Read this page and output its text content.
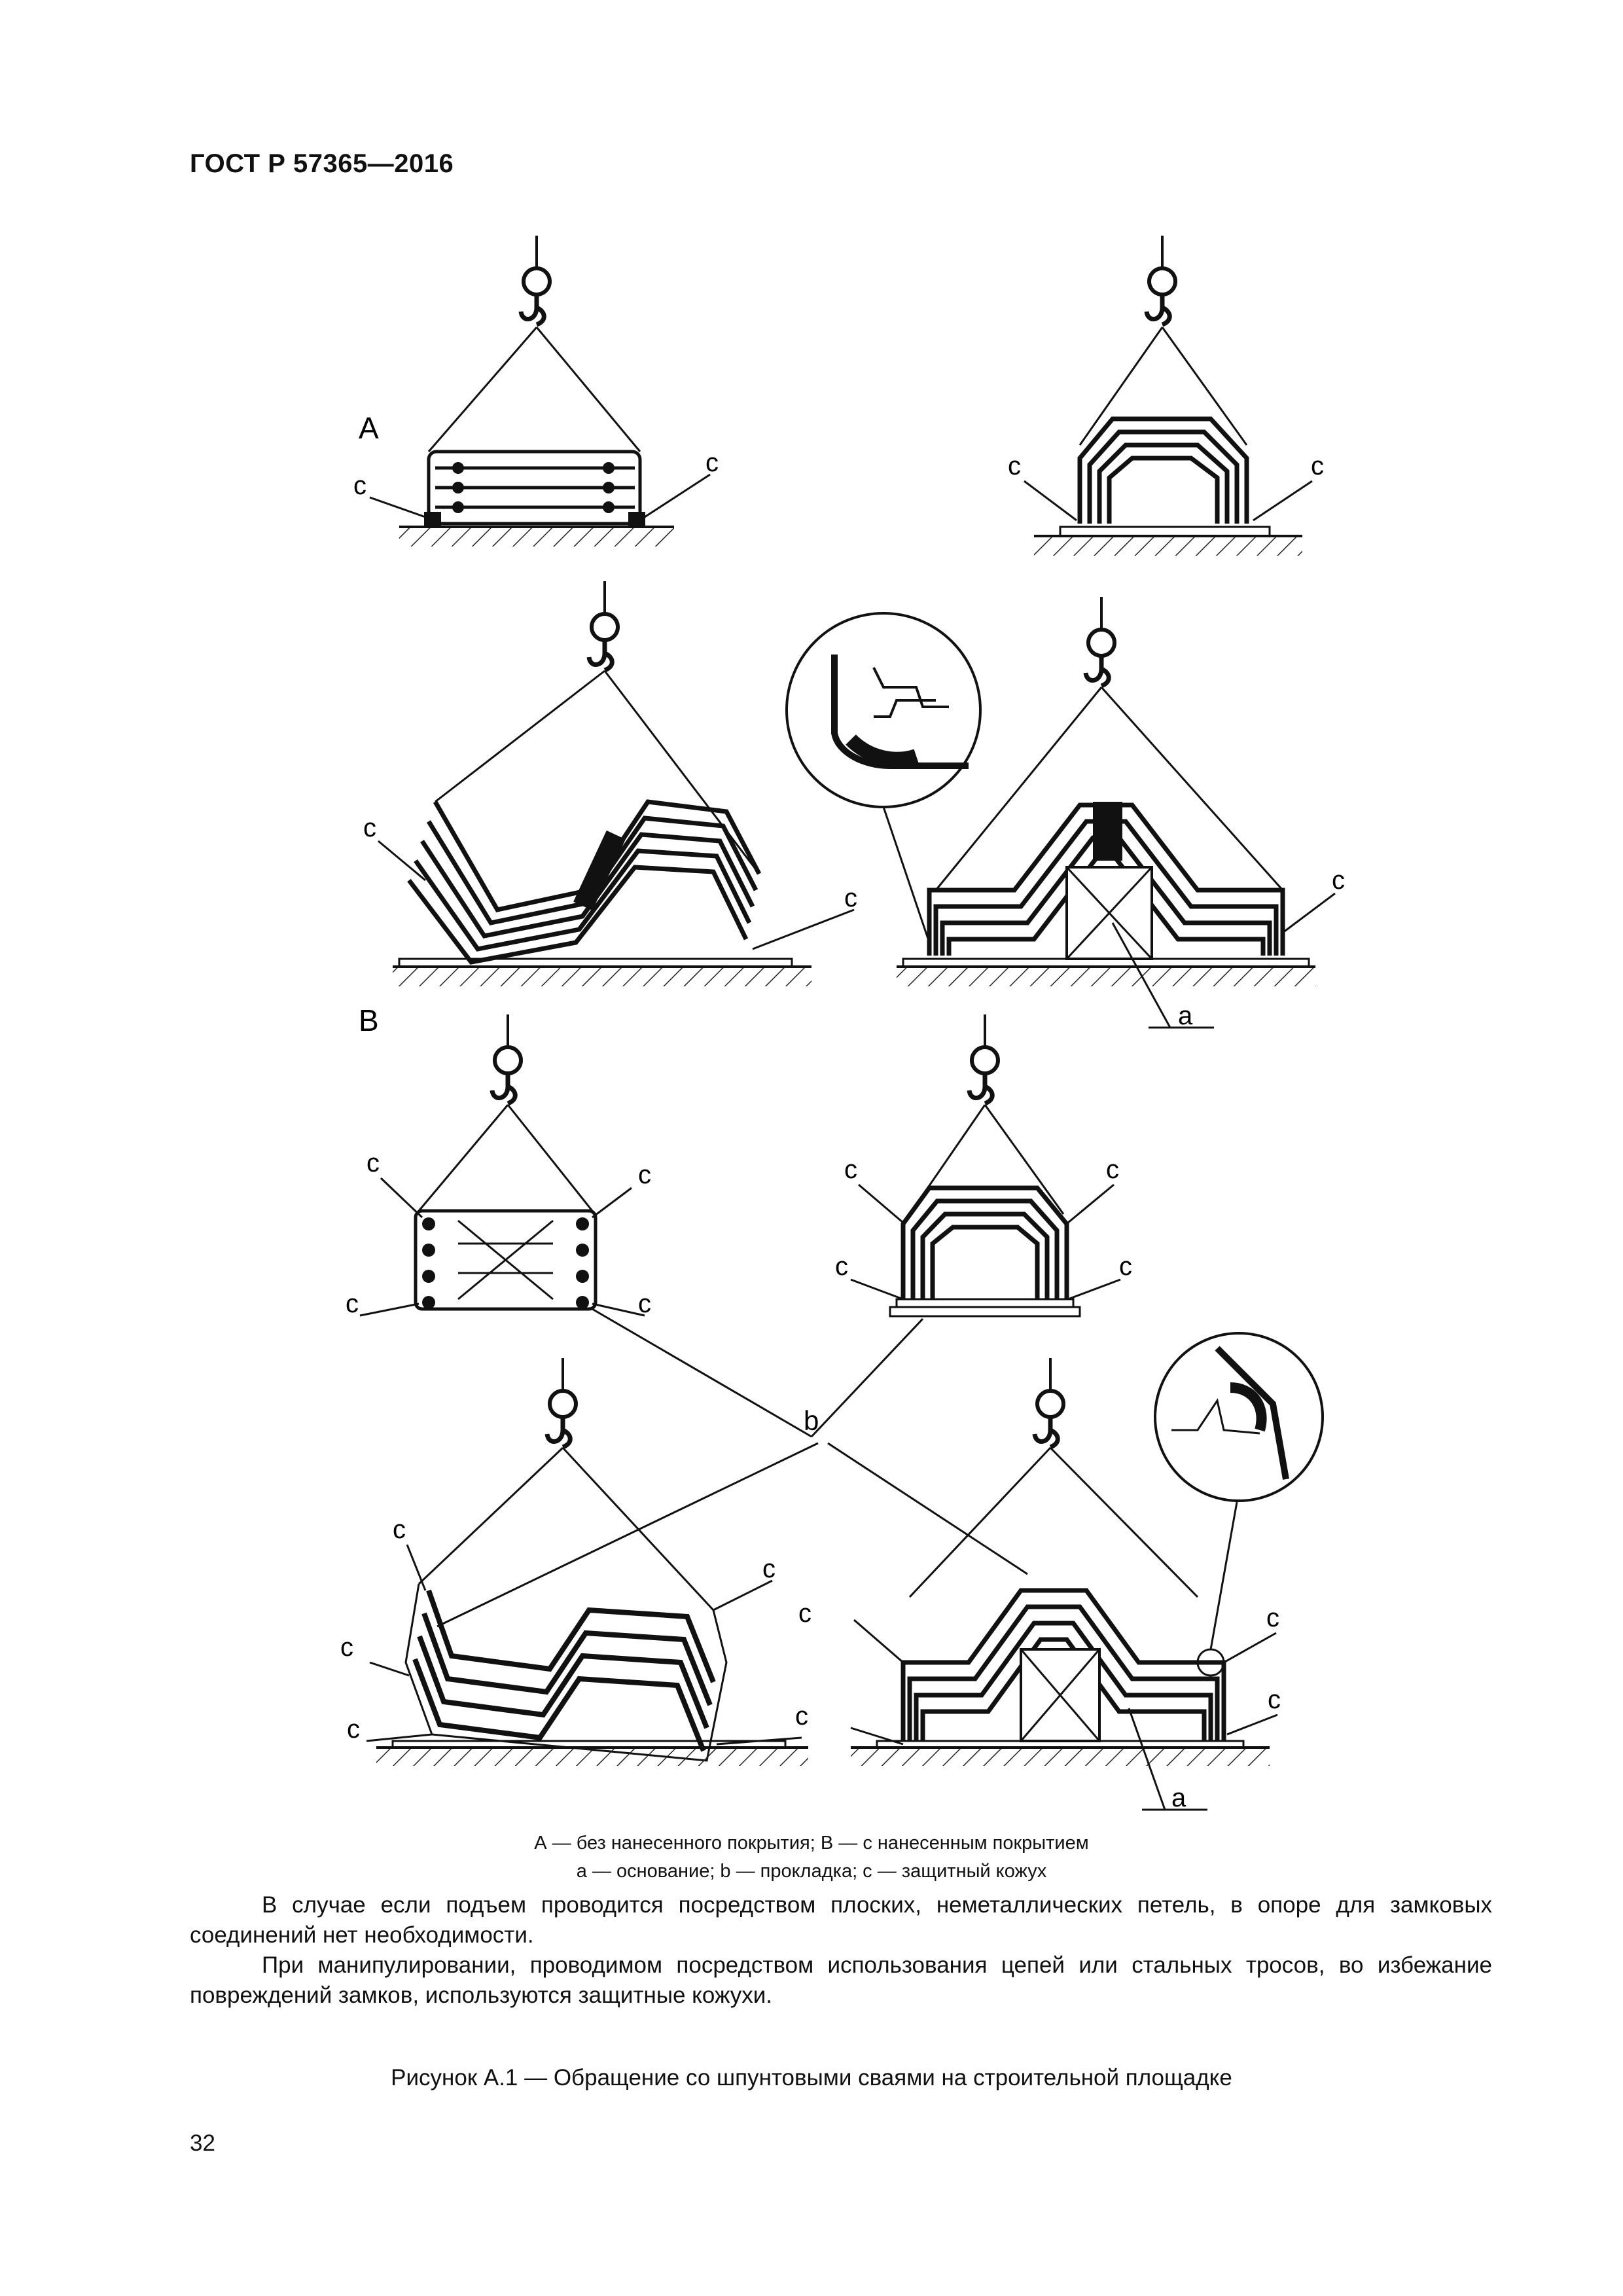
ГОСТ Р 57365—2016
A
c
c	c	c
c
c
a
c
B
c	c
c	c
c	c
c	c
b
c
c
c
c
a
c
c
c
c
А — без нанесенного покрытия; В — с нанесенным покрытием
а — основание; b — прокладка; с — защитный кожух
В случае если подъем проводится посредством плоских, неметаллических петель, в опоре для замковых соединений нет необходимости.
При манипулировании, проводимом посредством использования цепей или стальных тросов, во избежание повреждений замков, используются защитные кожухи.
Рисунок А.1 — Обращение со шпунтовыми сваями на строительной площадке
32
